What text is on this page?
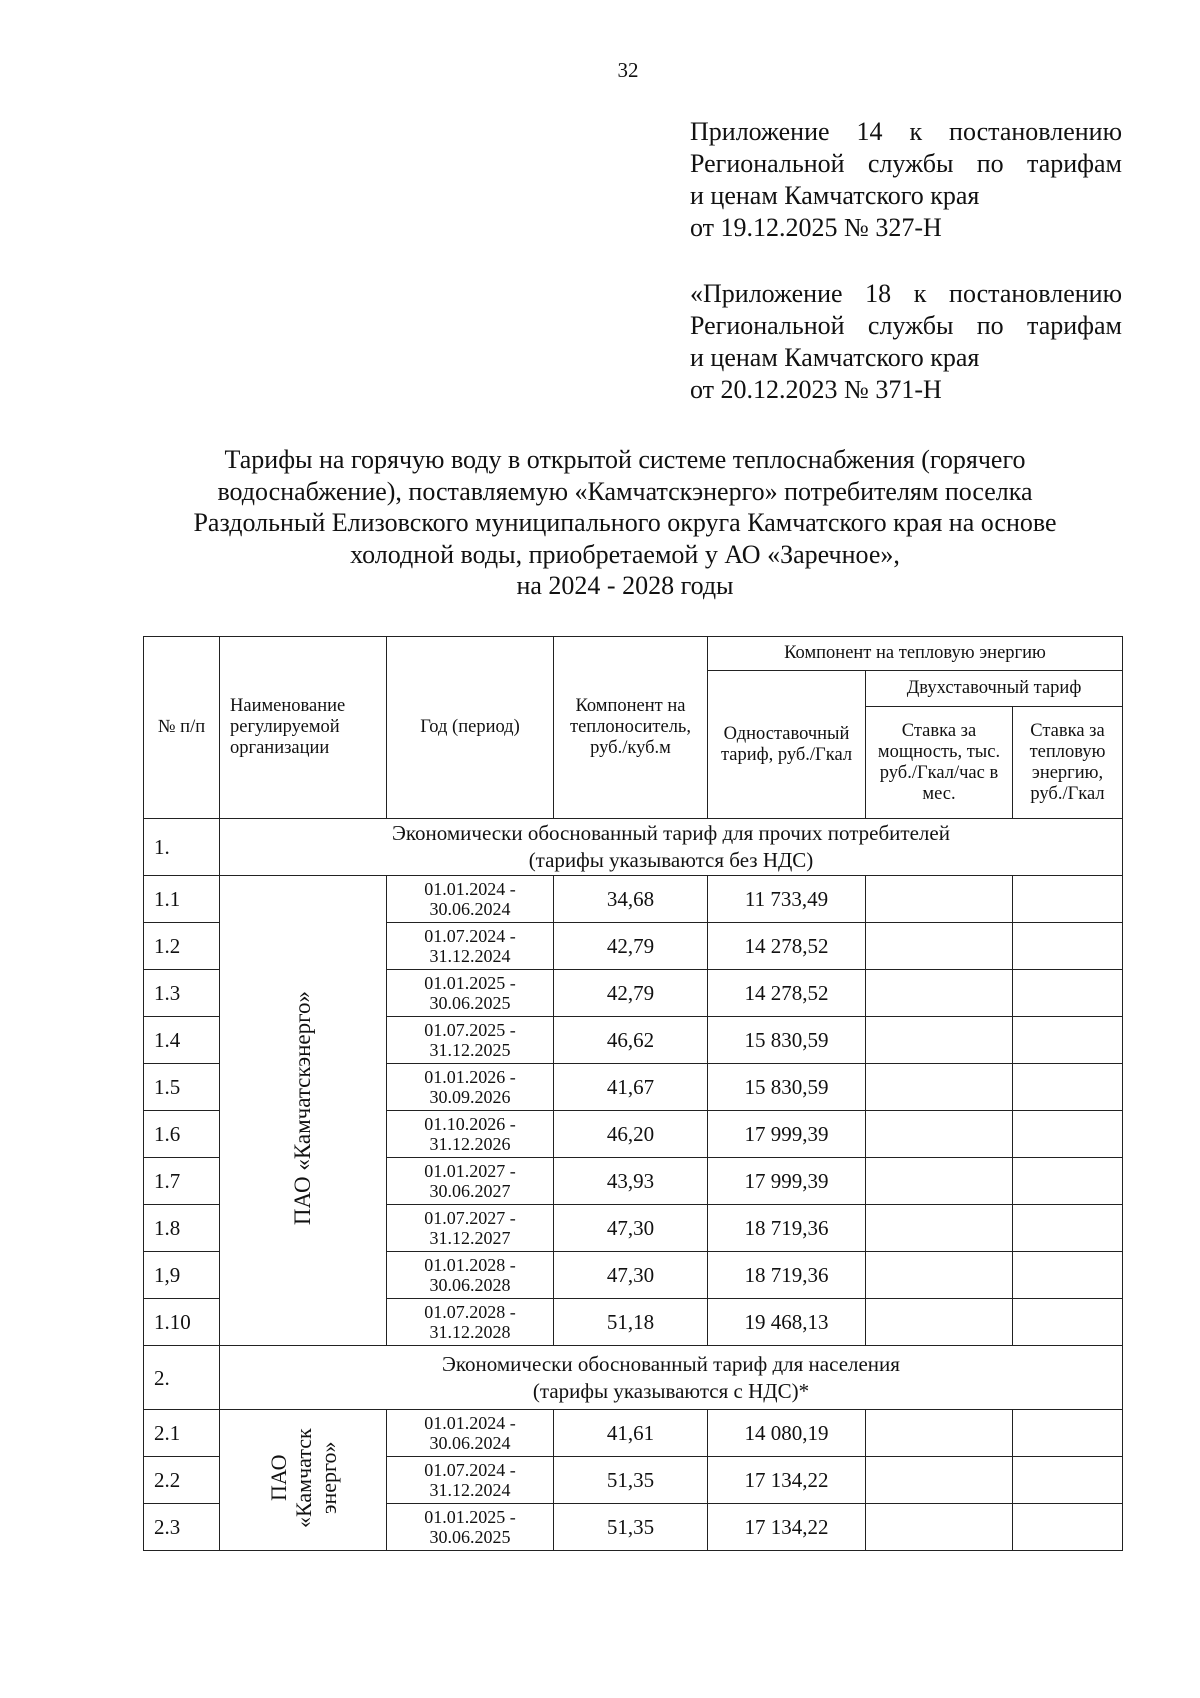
32
Приложение 14 к постановлению
Региональной службы по тарифам
и ценам Камчатского края
от 19.12.2025 № 327-Н
«Приложение 18 к постановлению
Региональной службы по тарифам
и ценам Камчатского края
от 20.12.2023 № 371-Н
Тарифы на горячую воду в открытой системе теплоснабжения (горячего
водоснабжение), поставляемую «Камчатскэнерго» потребителям поселка
Раздольный Елизовского муниципального округа Камчатского края на основе
холодной воды, приобретаемой у АО «Заречное»,
на 2024 - 2028 годы
№ п/п	Наименование регулируемой организации	Год (период)	Компонент на теплоноситель, руб./куб.м	Компонент на тепловую энергию		
				Одноставочный тариф, руб./Гкал	Двухставочный тариф	
					Ставка за мощность, тыс. руб./Гкал/час в мес.	Ставка за тепловую энергию, руб./Гкал

1.	Экономически обоснованный тариф для прочих потребителей
(тарифы указываются без НДС)					

1.1	ПАО «Камчатскэнерго»	01.01.2024 -
30.06.2024	34,68	11 733,49		
1.2		01.07.2024 -
31.12.2024	42,79	14 278,52		
1.3		01.01.2025 -
30.06.2025	42,79	14 278,52		
1.4		01.07.2025 -
31.12.2025	46,62	15 830,59		
1.5		01.01.2026 -
30.09.2026	41,67	15 830,59		
1.6		01.10.2026 -
31.12.2026	46,20	17 999,39		
1.7		01.01.2027 -
30.06.2027	43,93	17 999,39		
1.8		01.07.2027 -
31.12.2027	47,30	18 719,36		
1,9		01.01.2028 -
30.06.2028	47,30	18 719,36		
1.10		01.07.2028 -
31.12.2028	51,18	19 468,13		
2.	Экономически обоснованный тариф для населения
(тарифы указываются с НДС)*					

2.1	ПАО «Камчатск энерго»	01.01.2024 -
30.06.2024	41,61	14 080,19		
2.2		01.07.2024 -
31.12.2024	51,35	17 134,22		
2.3		01.01.2025 -
30.06.2025	51,35	17 134,22		
